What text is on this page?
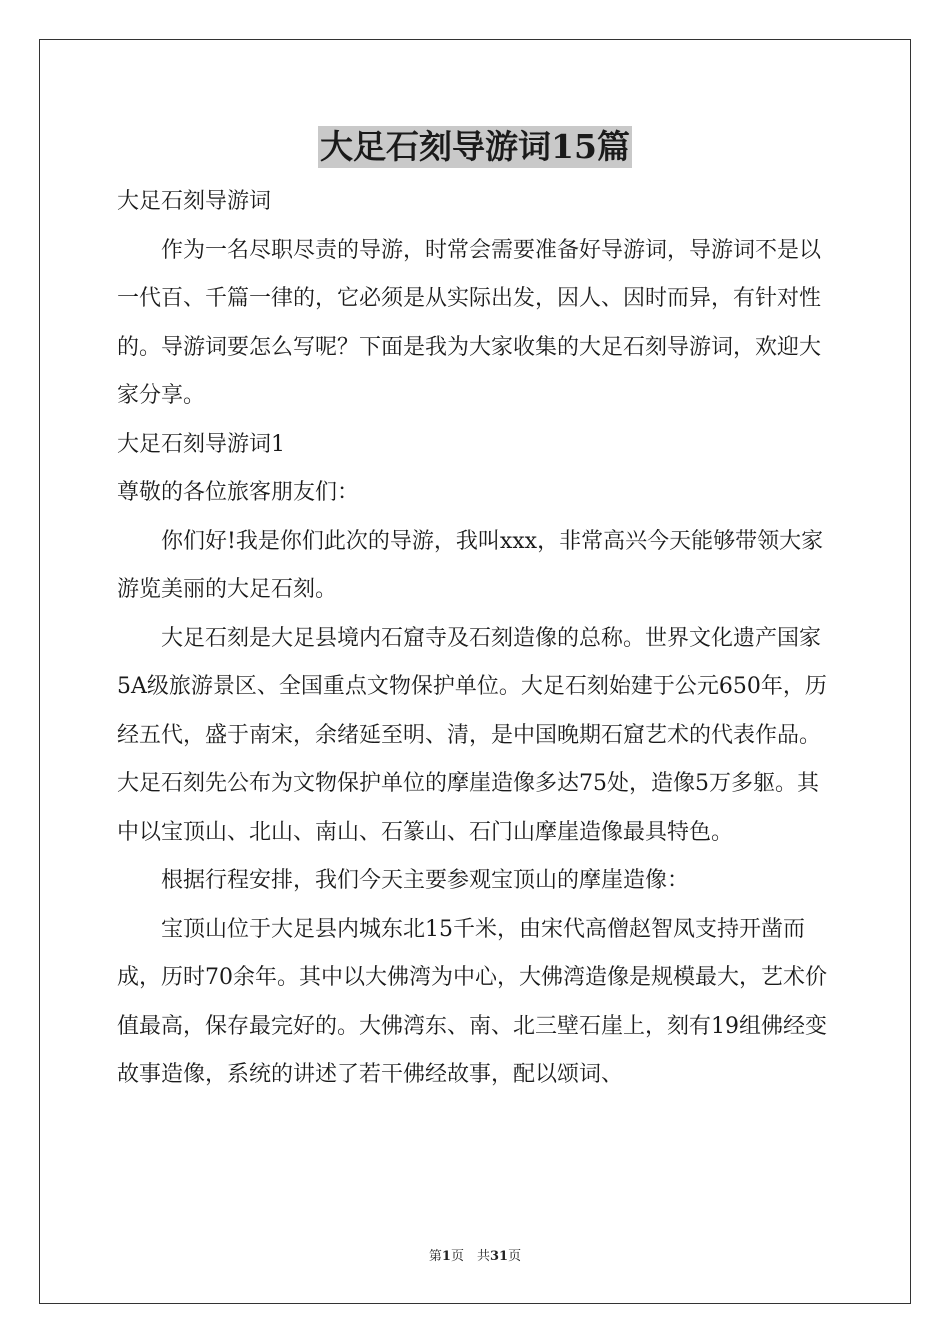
大足石刻导游词15篇

大足石刻导游词

作为一名尽职尽责的导游，时常会需要准备好导游词，导游词不是以一代百、千篇一律的，它必须是从实际出发，因人、因时而异，有针对性的。导游词要怎么写呢？下面是我为大家收集的大足石刻导游词，欢迎大家分享。

大足石刻导游词1

尊敬的各位旅客朋友们：

你们好!我是你们此次的导游，我叫xxx，非常高兴今天能够带领大家游览美丽的大足石刻。

大足石刻是大足县境内石窟寺及石刻造像的总称。世界文化遗产国家5A级旅游景区、全国重点文物保护单位。大足石刻始建于公元650年，历经五代，盛于南宋，余绪延至明、清，是中国晚期石窟艺术的代表作品。大足石刻先公布为文物保护单位的摩崖造像多达75处，造像5万多躯。其中以宝顶山、北山、南山、石篆山、石门山摩崖造像最具特色。

根据行程安排，我们今天主要参观宝顶山的摩崖造像：

宝顶山位于大足县内城东北15千米，由宋代高僧赵智凤支持开凿而成，历时70余年。其中以大佛湾为中心，大佛湾造像是规模最大，艺术价值最高，保存最完好的。大佛湾东、南、北三壁石崖上，刻有19组佛经变故事造像，系统的讲述了若干佛经故事，配以颂词、

第1页　共31页
